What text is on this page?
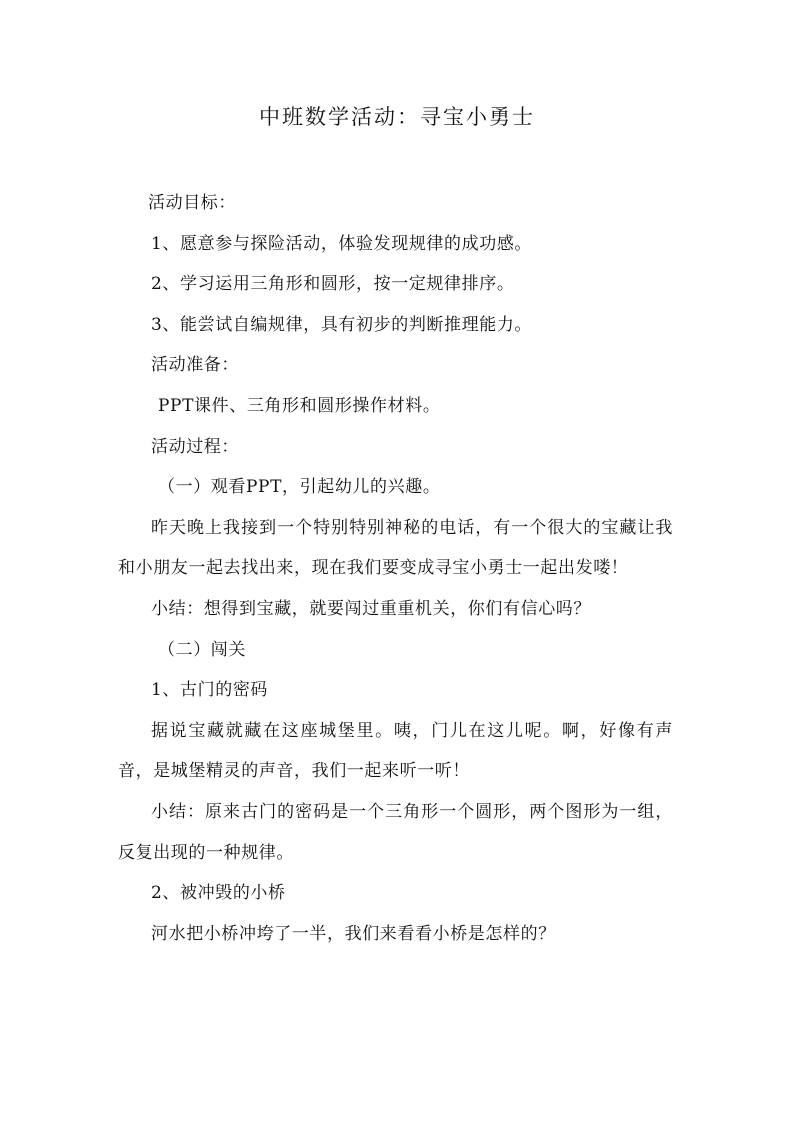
中班数学活动：寻宝小勇士

活动目标：

1、愿意参与探险活动，体验发现规律的成功感。

2、学习运用三角形和圆形，按一定规律排序。

3、能尝试自编规律，具有初步的判断推理能力。

活动准备：

PPT课件、三角形和圆形操作材料。

活动过程：

（一）观看PPT，引起幼儿的兴趣。

昨天晚上我接到一个特别特别神秘的电话，有一个很大的宝藏让我和小朋友一起去找出来，现在我们要变成寻宝小勇士一起出发喽！

小结：想得到宝藏，就要闯过重重机关，你们有信心吗？

（二）闯关

1、古门的密码

据说宝藏就藏在这座城堡里。咦，门儿在这儿呢。啊，好像有声音，是城堡精灵的声音，我们一起来听一听！

小结：原来古门的密码是一个三角形一个圆形，两个图形为一组，反复出现的一种规律。

2、被冲毁的小桥

河水把小桥冲垮了一半，我们来看看小桥是怎样的？
